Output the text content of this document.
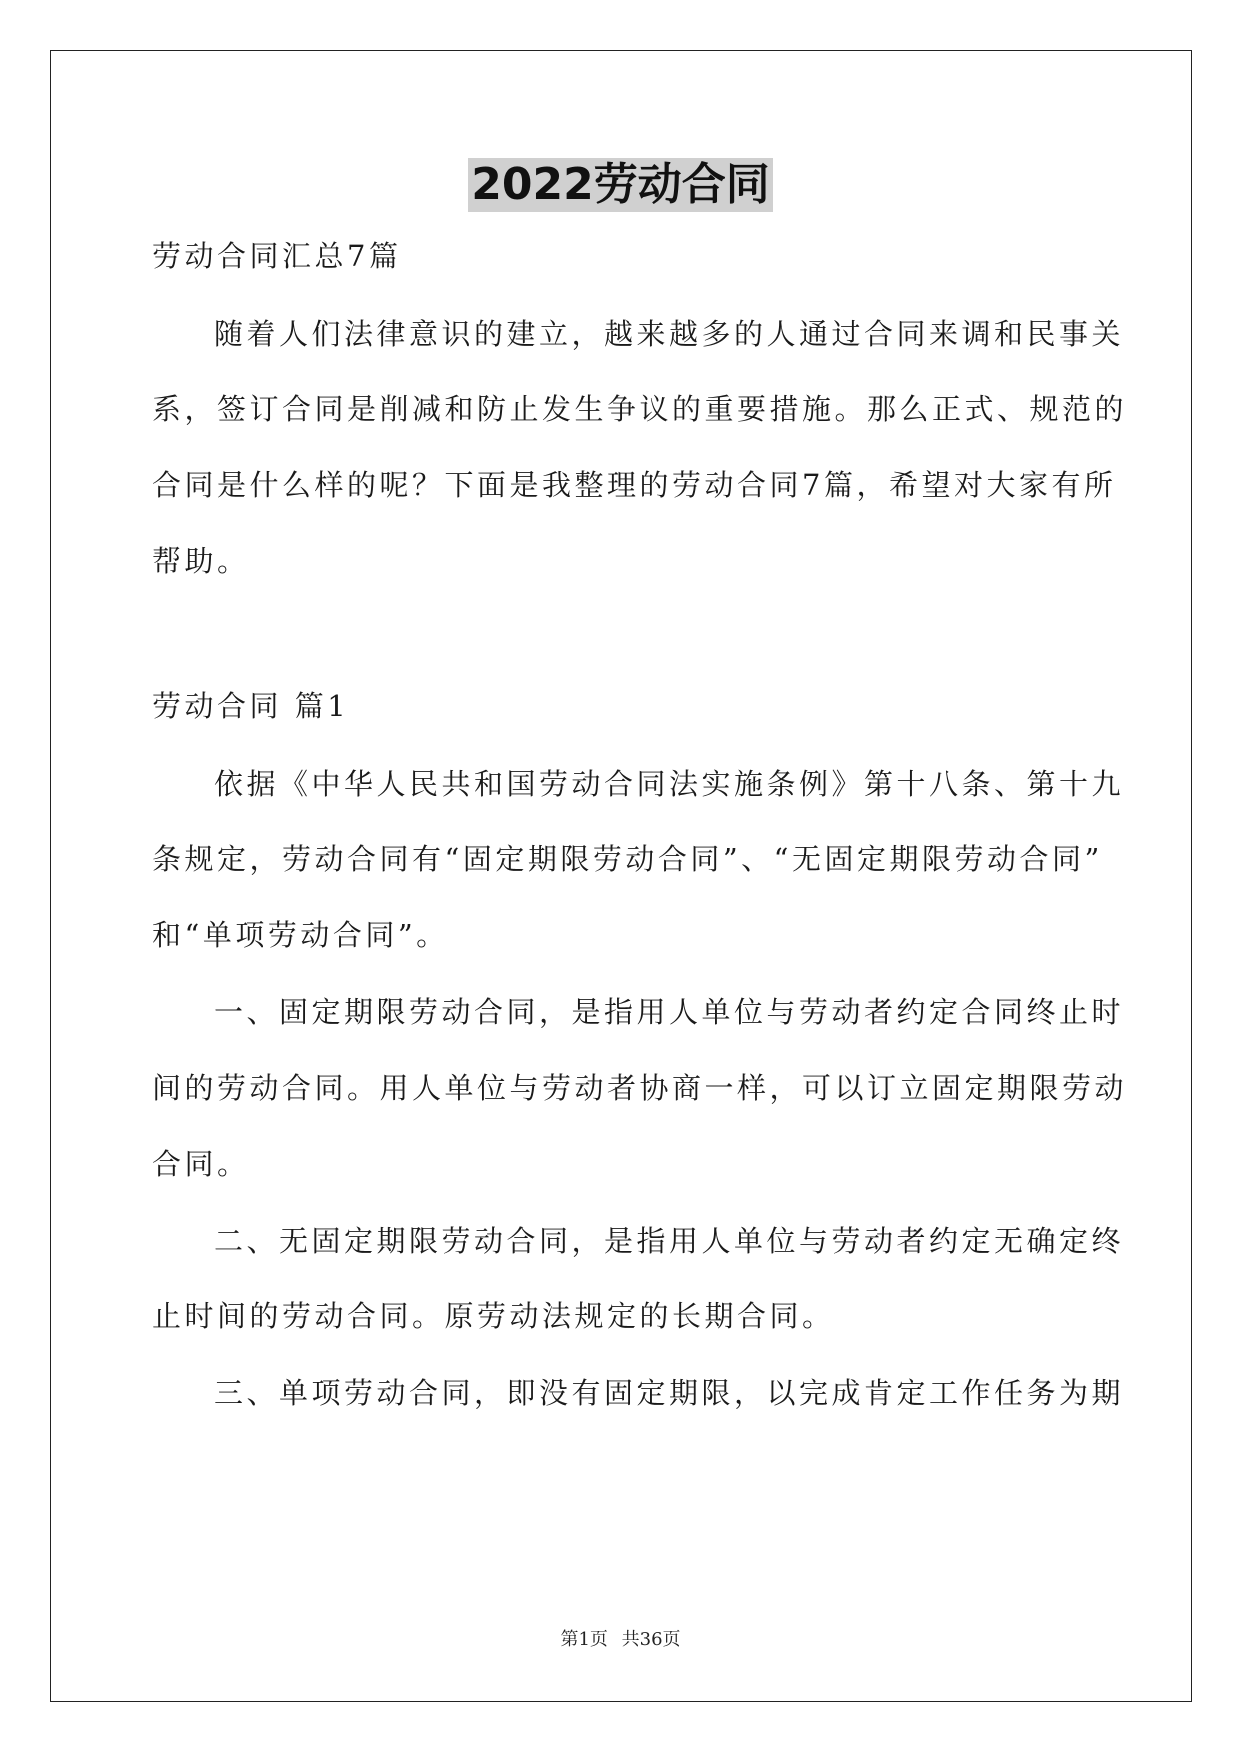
2022劳动合同
劳动合同汇总7篇
随着人们法律意识的建立，越来越多的人通过合同来调和民事关
系，签订合同是削减和防止发生争议的重要措施。那么正式、规范的
合同是什么样的呢？下面是我整理的劳动合同7篇，希望对大家有所
帮助。
劳动合同 篇1
依据《中华人民共和国劳动合同法实施条例》第十八条、第十九
条规定，劳动合同有“固定期限劳动合同”、“无固定期限劳动合同”
和“单项劳动合同”。
一、固定期限劳动合同，是指用人单位与劳动者约定合同终止时
间的劳动合同。用人单位与劳动者协商一样，可以订立固定期限劳动
合同。
二、无固定期限劳动合同，是指用人单位与劳动者约定无确定终
止时间的劳动合同。原劳动法规定的长期合同。
三、单项劳动合同，即没有固定期限，以完成肯定工作任务为期
第1页 共36页
